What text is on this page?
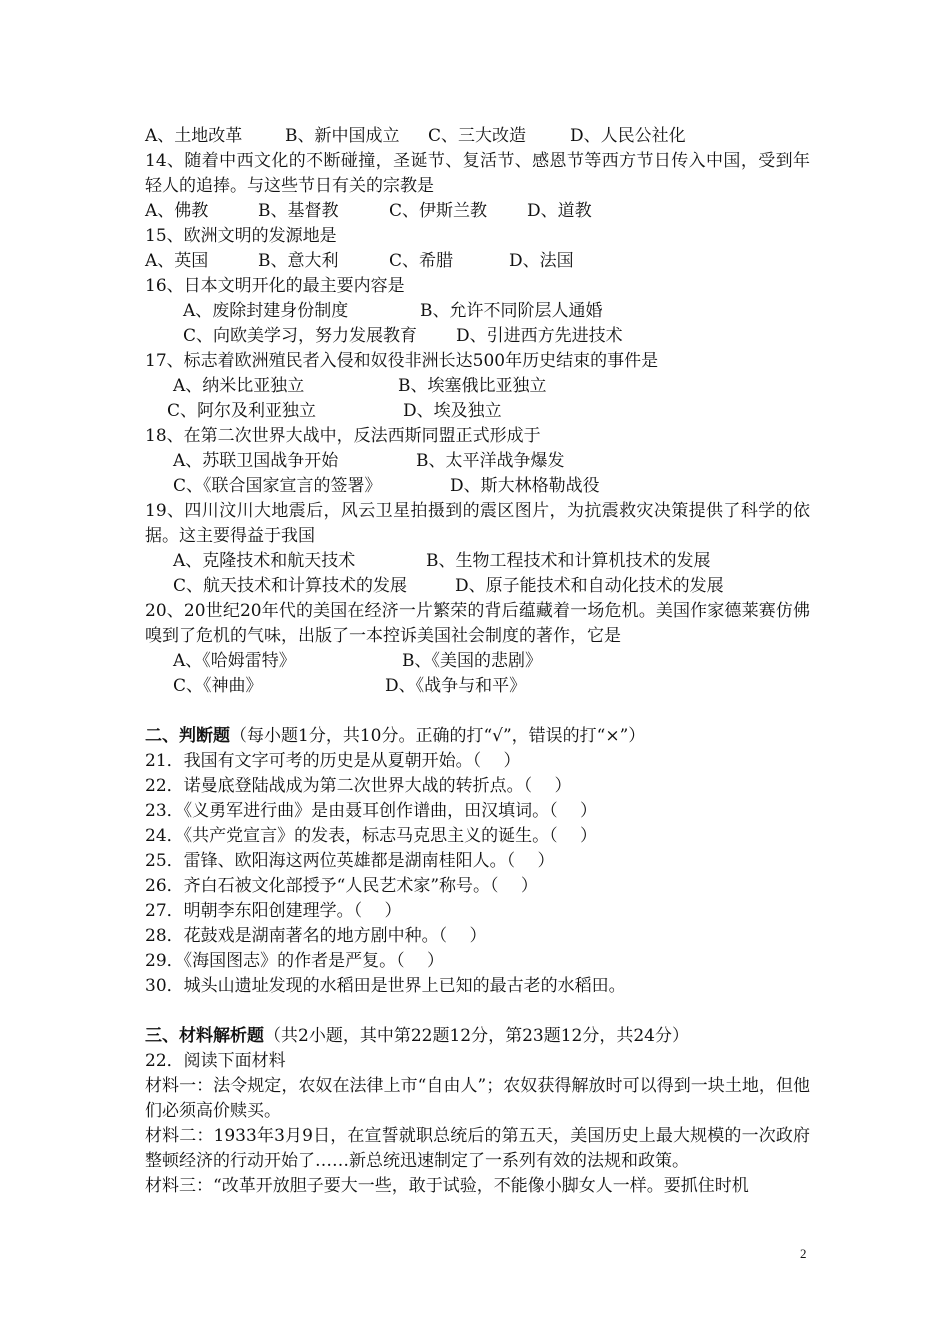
A、土地改革	B、新中国成立	C、三大改造	D、人民公社化
14、随着中西文化的不断碰撞，圣诞节、复活节、感恩节等西方节日传入中国，受到年轻人的追捧。与这些节日有关的宗教是
A、佛教	B、基督教	C、伊斯兰教	D、道教
15、欧洲文明的发源地是
A、英国	B、意大利	C、希腊	D、法国
16、日本文明开化的最主要内容是
A、废除封建身份制度	B、允许不同阶层人通婚
C、向欧美学习，努力发展教育	D、引进西方先进技术
17、标志着欧洲殖民者入侵和奴役非洲长达500年历史结束的事件是
A、纳米比亚独立	B、埃塞俄比亚独立
C、阿尔及利亚独立	D、埃及独立
18、在第二次世界大战中，反法西斯同盟正式形成于
A、苏联卫国战争开始	B、太平洋战争爆发
C、《联合国家宣言的签署》	D、斯大林格勒战役
19、四川汶川大地震后，风云卫星拍摄到的震区图片，为抗震救灾决策提供了科学的依据。这主要得益于我国
A、克隆技术和航天技术	B、生物工程技术和计算机技术的发展
C、航天技术和计算技术的发展	D、原子能技术和自动化技术的发展
20、20世纪20年代的美国在经济一片繁荣的背后蕴藏着一场危机。美国作家德莱赛仿佛嗅到了危机的气味，出版了一本控诉美国社会制度的著作，它是
A、《哈姆雷特》	B、《美国的悲剧》
C、《神曲》	D、《战争与和平》
二、判断题（每小题1分，共10分。正确的打“√”，错误的打“×”）
21．我国有文字可考的历史是从夏朝开始。（　 ）
22．诺曼底登陆战成为第二次世界大战的转折点。（　 ）
23．《义勇军进行曲》是由聂耳创作谱曲，田汉填词。（　 ）
24．《共产党宣言》的发表，标志马克思主义的诞生。（　 ）
25．雷锋、欧阳海这两位英雄都是湖南桂阳人。（　 ）
26．齐白石被文化部授予“人民艺术家”称号。（　 ）
27．明朝李东阳创建理学。（　 ）
28．花鼓戏是湖南著名的地方剧中种。（　 ）
29．《海国图志》的作者是严复。（　 ）
30．城头山遗址发现的水稻田是世界上已知的最古老的水稻田。
三、材料解析题（共2小题，其中第22题12分，第23题12分，共24分）
22．阅读下面材料
材料一：法令规定，农奴在法律上市“自由人”；农奴获得解放时可以得到一块土地，但他们必须高价赎买。
材料二：1933年3月9日，在宣誓就职总统后的第五天，美国历史上最大规模的一次政府整顿经济的行动开始了……新总统迅速制定了一系列有效的法规和政策。
材料三：“改革开放胆子要大一些，敢于试验，不能像小脚女人一样。要抓住时机
2
